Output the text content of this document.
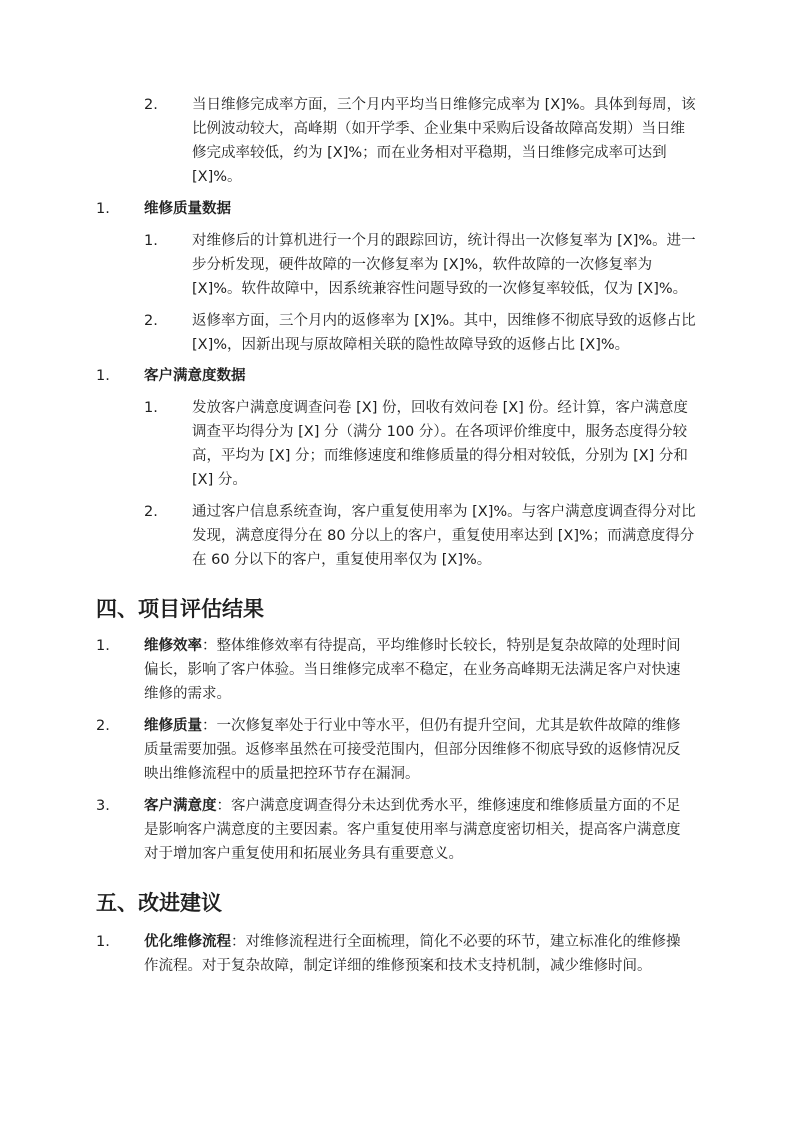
2. 当日维修完成率方面，三个月内平均当日维修完成率为 [X]%。具体到每周，该
比例波动较大，高峰期（如开学季、企业集中采购后设备故障高发期）当日维
修完成率较低，约为 [X]%；而在业务相对平稳期，当日维修完成率可达到
[X]%。
1. 维修质量数据
1. 对维修后的计算机进行一个月的跟踪回访，统计得出一次修复率为 [X]%。进一
步分析发现，硬件故障的一次修复率为 [X]%，软件故障的一次修复率为
[X]%。软件故障中，因系统兼容性问题导致的一次修复率较低，仅为 [X]%。
2. 返修率方面，三个月内的返修率为 [X]%。其中，因维修不彻底导致的返修占比
[X]%，因新出现与原故障相关联的隐性故障导致的返修占比 [X]%。
1. 客户满意度数据
1. 发放客户满意度调查问卷 [X] 份，回收有效问卷 [X] 份。经计算，客户满意度
调查平均得分为 [X] 分（满分 100 分）。在各项评价维度中，服务态度得分较
高，平均为 [X] 分；而维修速度和维修质量的得分相对较低，分别为 [X] 分和
[X] 分。
2. 通过客户信息系统查询，客户重复使用率为 [X]%。与客户满意度调查得分对比
发现，满意度得分在 80 分以上的客户，重复使用率达到 [X]%；而满意度得分
在 60 分以下的客户，重复使用率仅为 [X]%。
四、项目评估结果
1. 维修效率：整体维修效率有待提高，平均维修时长较长，特别是复杂故障的处理时间
偏长，影响了客户体验。当日维修完成率不稳定，在业务高峰期无法满足客户对快速
维修的需求。
2. 维修质量：一次修复率处于行业中等水平，但仍有提升空间，尤其是软件故障的维修
质量需要加强。返修率虽然在可接受范围内，但部分因维修不彻底导致的返修情况反
映出维修流程中的质量把控环节存在漏洞。
3. 客户满意度：客户满意度调查得分未达到优秀水平，维修速度和维修质量方面的不足
是影响客户满意度的主要因素。客户重复使用率与满意度密切相关，提高客户满意度
对于增加客户重复使用和拓展业务具有重要意义。
五、改进建议
1. 优化维修流程：对维修流程进行全面梳理，简化不必要的环节，建立标准化的维修操
作流程。对于复杂故障，制定详细的维修预案和技术支持机制，减少维修时间。
